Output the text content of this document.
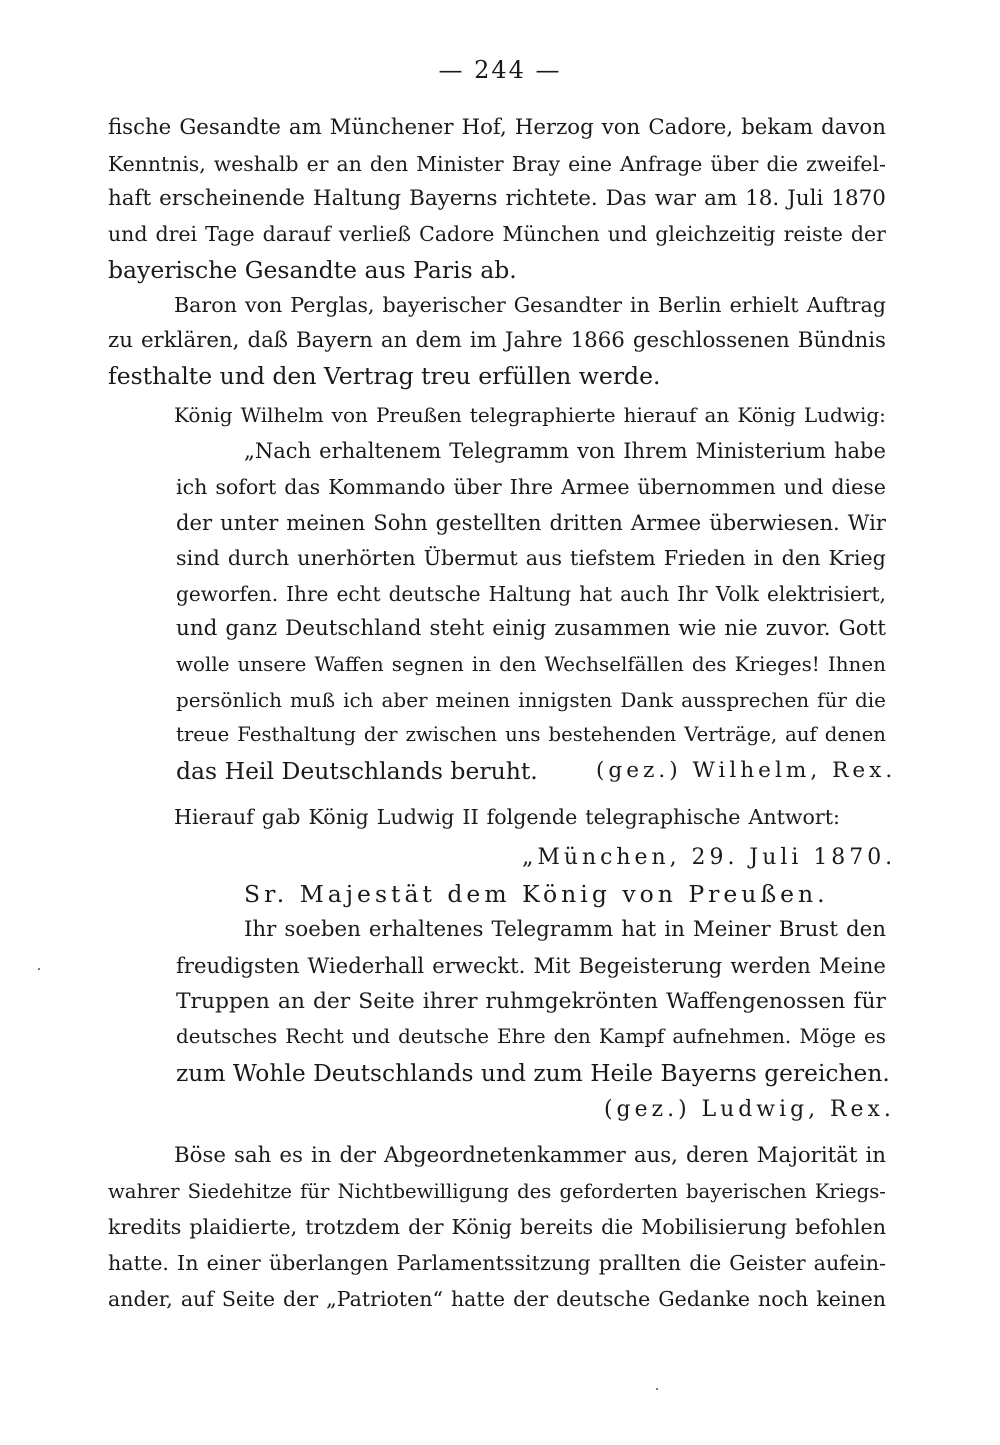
— 244 —
fische Gesandte am Münchener Hof, Herzog von Cadore, bekam davon
Kenntnis, weshalb er an den Minister Bray eine Anfrage über die zweifel-
haft erscheinende Haltung Bayerns richtete. Das war am 18. Juli 1870
und drei Tage darauf verließ Cadore München und gleichzeitig reiste der
bayerische Gesandte aus Paris ab.
Baron von Perglas, bayerischer Gesandter in Berlin erhielt Auftrag
zu erklären, daß Bayern an dem im Jahre 1866 geschlossenen Bündnis
festhalte und den Vertrag treu erfüllen werde.
König Wilhelm von Preußen telegraphierte hierauf an König Ludwig:
„Nach erhaltenem Telegramm von Ihrem Ministerium habe
ich sofort das Kommando über Ihre Armee übernommen und diese
der unter meinen Sohn gestellten dritten Armee überwiesen. Wir
sind durch unerhörten Übermut aus tiefstem Frieden in den Krieg
geworfen. Ihre echt deutsche Haltung hat auch Ihr Volk elektrisiert,
und ganz Deutschland steht einig zusammen wie nie zuvor. Gott
wolle unsere Waffen segnen in den Wechselfällen des Krieges! Ihnen
persönlich muß ich aber meinen innigsten Dank aussprechen für die
treue Festhaltung der zwischen uns bestehenden Verträge, auf denen
das Heil Deutschlands beruht.	(gez.) Wilhelm, Rex.
Hierauf gab König Ludwig II folgende telegraphische Antwort:
„München, 29. Juli 1870.
Sr. Majestät dem König von Preußen.
Ihr soeben erhaltenes Telegramm hat in Meiner Brust den
freudigsten Wiederhall erweckt. Mit Begeisterung werden Meine
Truppen an der Seite ihrer ruhmgekrönten Waffengenossen für
deutsches Recht und deutsche Ehre den Kampf aufnehmen. Möge es
zum Wohle Deutschlands und zum Heile Bayerns gereichen.
(gez.) Ludwig, Rex.
Böse sah es in der Abgeordnetenkammer aus, deren Majorität in
wahrer Siedehitze für Nichtbewilligung des geforderten bayerischen Kriegs-
kredits plaidierte, trotzdem der König bereits die Mobilisierung befohlen
hatte. In einer überlangen Parlamentssitzung prallten die Geister aufein-
ander, auf Seite der „Patrioten“ hatte der deutsche Gedanke noch keinen
